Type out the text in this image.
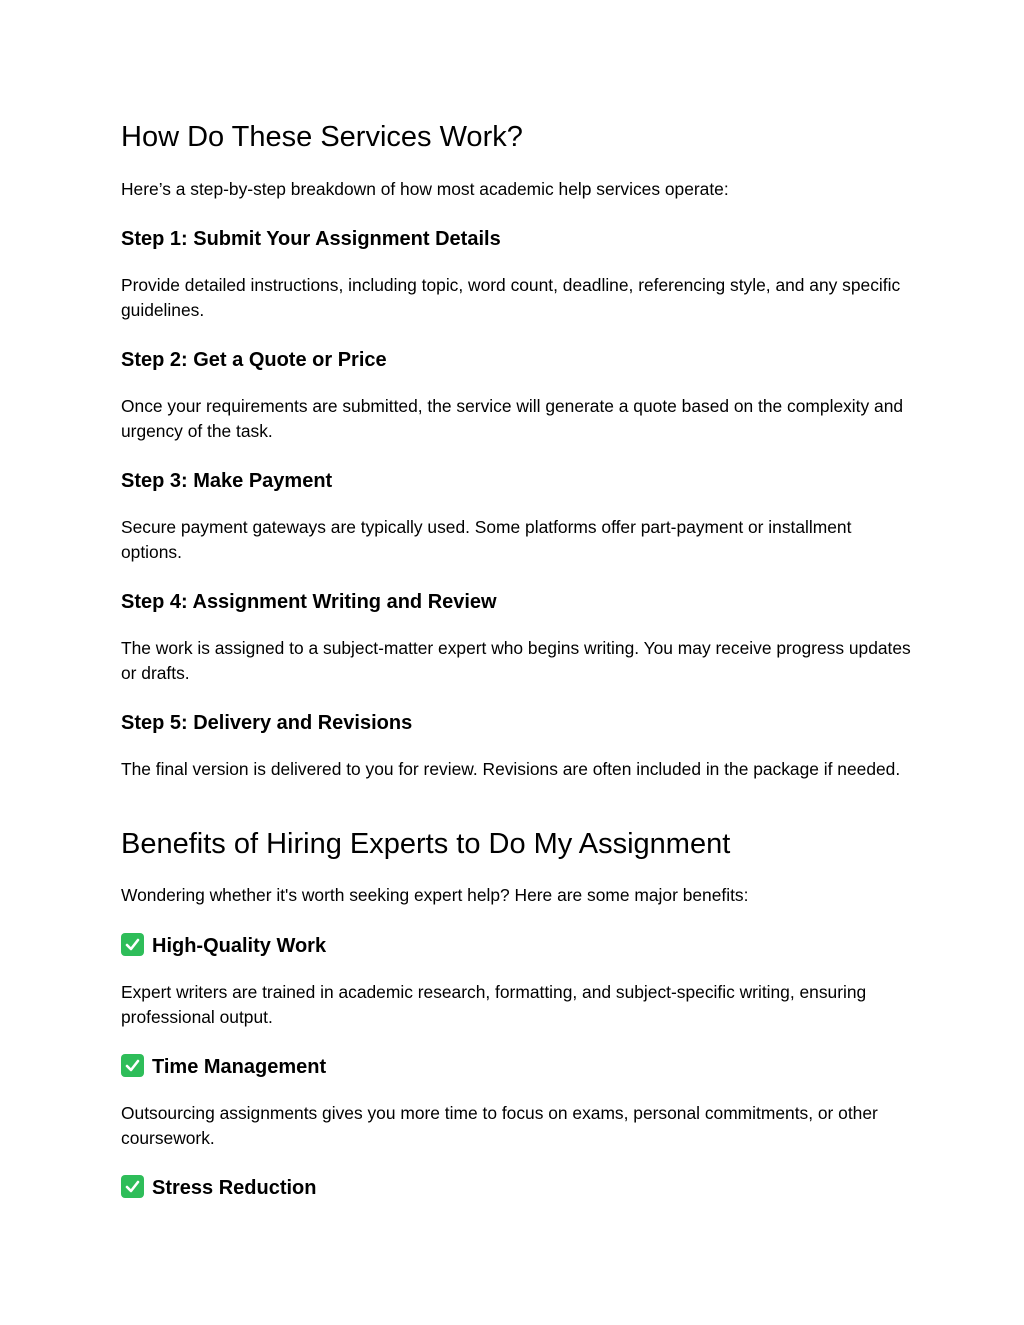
How Do These Services Work?

Here’s a step-by-step breakdown of how most academic help services operate:

Step 1: Submit Your Assignment Details

Provide detailed instructions, including topic, word count, deadline, referencing style, and any specific guidelines.

Step 2: Get a Quote or Price

Once your requirements are submitted, the service will generate a quote based on the complexity and urgency of the task.

Step 3: Make Payment

Secure payment gateways are typically used. Some platforms offer part-payment or installment options.

Step 4: Assignment Writing and Review

The work is assigned to a subject-matter expert who begins writing. You may receive progress updates or drafts.

Step 5: Delivery and Revisions

The final version is delivered to you for review. Revisions are often included in the package if needed.

Benefits of Hiring Experts to Do My Assignment

Wondering whether it's worth seeking expert help? Here are some major benefits:

High-Quality Work

Expert writers are trained in academic research, formatting, and subject-specific writing, ensuring professional output.

Time Management

Outsourcing assignments gives you more time to focus on exams, personal commitments, or other coursework.

Stress Reduction
